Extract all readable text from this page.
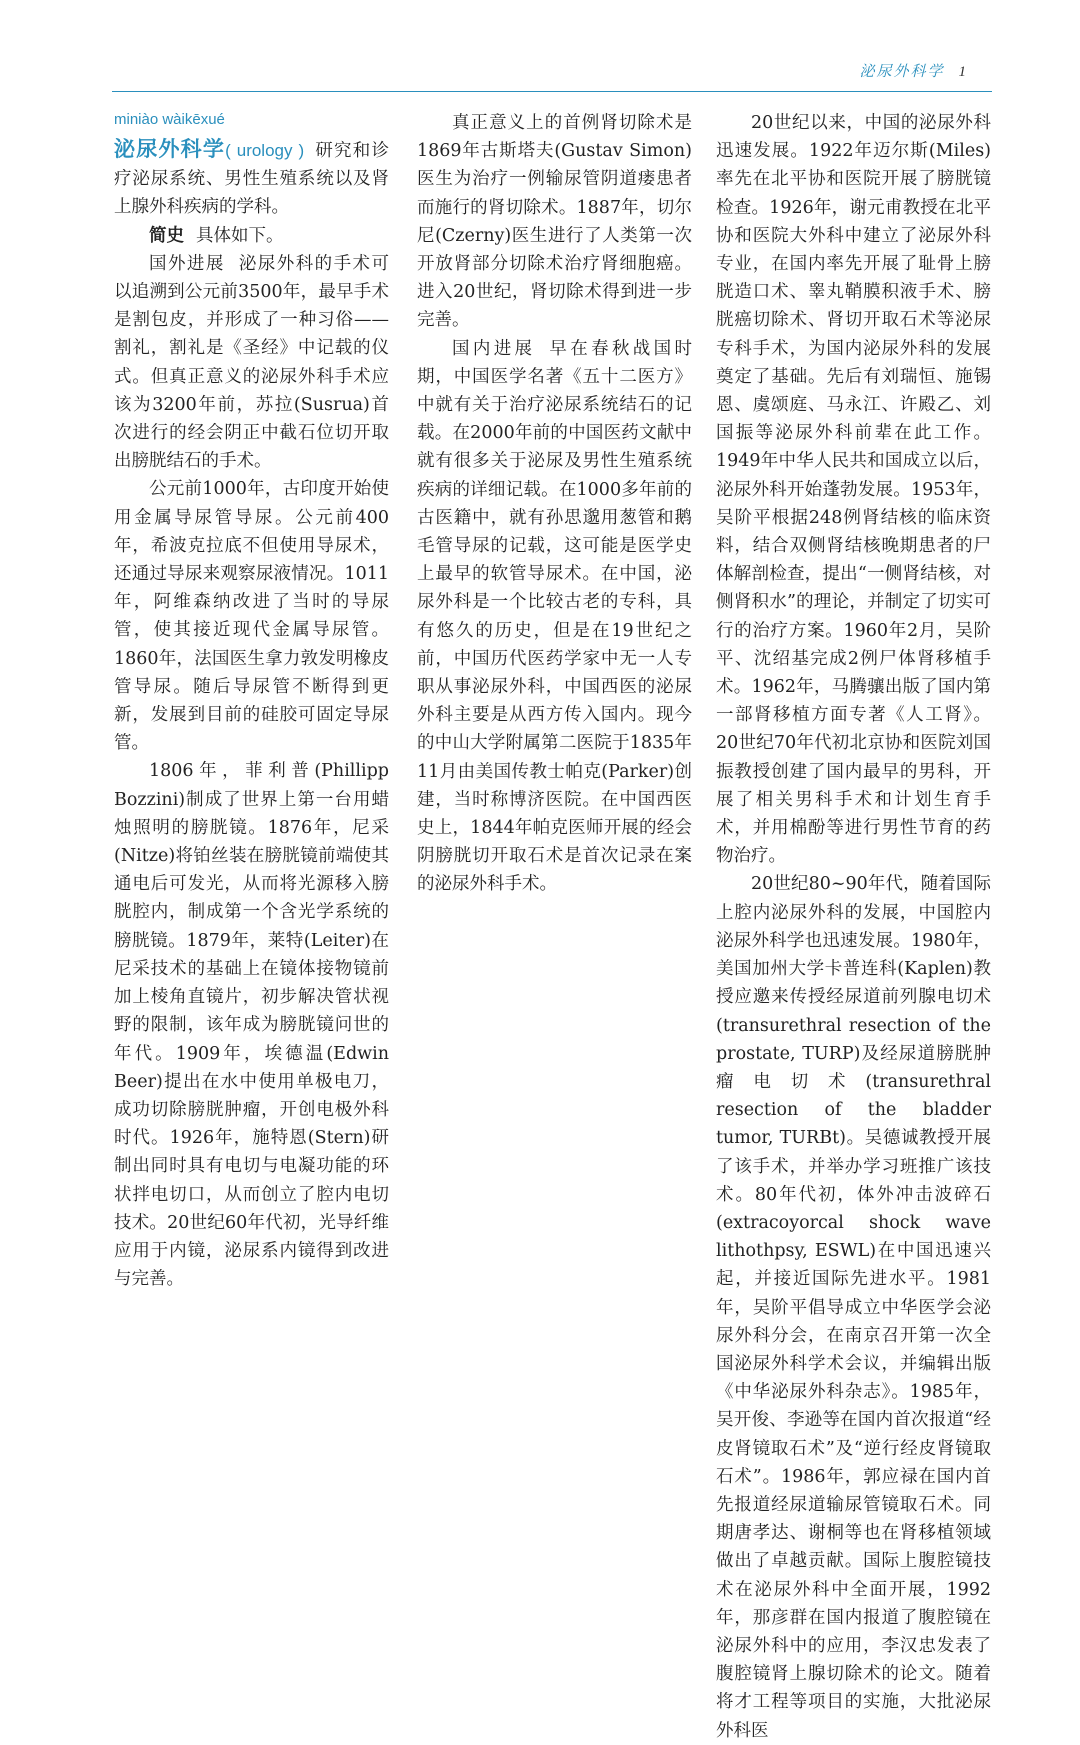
泌尿外科学 1

miniào wàikēxué

泌尿外科学( urology ) 研究和诊疗泌尿系统、男性生殖系统以及肾上腺外科疾病的学科。

简史 具体如下。

国外进展 泌尿外科的手术可以追溯到公元前3500年，最早手术是割包皮，并形成了一种习俗——割礼，割礼是《圣经》中记载的仪式。但真正意义的泌尿外科手术应该为3200年前，苏拉(Susrua)首次进行的经会阴正中截石位切开取出膀胱结石的手术。

公元前1000年，古印度开始使用金属导尿管导尿。公元前400年，希波克拉底不但使用导尿术，还通过导尿来观察尿液情况。1011年，阿维森纳改进了当时的导尿管，使其接近现代金属导尿管。1860年，法国医生拿力敦发明橡皮管导尿。随后导尿管不断得到更新，发展到目前的硅胶可固定导尿管。

1806年，菲利普(Phillipp Bozzini)制成了世界上第一台用蜡烛照明的膀胱镜。1876年，尼采(Nitze)将铂丝装在膀胱镜前端使其通电后可发光，从而将光源移入膀胱腔内，制成第一个含光学系统的膀胱镜。1879年，莱特(Leiter)在尼采技术的基础上在镜体接物镜前加上棱角直镜片，初步解决管状视野的限制，该年成为膀胱镜问世的年代。1909年，埃德温(Edwin Beer)提出在水中使用单极电刀，成功切除膀胱肿瘤，开创电极外科时代。1926年，施特恩(Stern)研制出同时具有电切与电凝功能的环状拌电切口，从而创立了腔内电切技术。20世纪60年代初，光导纤维应用于内镜，泌尿系内镜得到改进与完善。

真正意义上的首例肾切除术是1869年古斯塔夫(Gustav Simon)医生为治疗一例输尿管阴道瘘患者而施行的肾切除术。1887年，切尔尼(Czerny)医生进行了人类第一次开放肾部分切除术治疗肾细胞癌。进入20世纪，肾切除术得到进一步完善。

国内进展 早在春秋战国时期，中国医学名著《五十二医方》中就有关于治疗泌尿系统结石的记载。在2000年前的中国医药文献中就有很多关于泌尿及男性生殖系统疾病的详细记载。在1000多年前的古医籍中，就有孙思邈用葱管和鹅毛管导尿的记载，这可能是医学史上最早的软管导尿术。在中国，泌尿外科是一个比较古老的专科，具有悠久的历史，但是在19世纪之前，中国历代医药学家中无一人专职从事泌尿外科，中国西医的泌尿外科主要是从西方传入国内。现今的中山大学附属第二医院于1835年11月由美国传教士帕克(Parker)创建，当时称博济医院。在中国西医史上，1844年帕克医师开展的经会阴膀胱切开取石术是首次记录在案的泌尿外科手术。

20世纪以来，中国的泌尿外科迅速发展。1922年迈尔斯(Miles)率先在北平协和医院开展了膀胱镜检查。1926年，谢元甫教授在北平协和医院大外科中建立了泌尿外科专业，在国内率先开展了耻骨上膀胱造口术、睾丸鞘膜积液手术、膀胱癌切除术、肾切开取石术等泌尿专科手术，为国内泌尿外科的发展奠定了基础。先后有刘瑞恒、施锡恩、虞颂庭、马永江、许殿乙、刘国振等泌尿外科前辈在此工作。1949年中华人民共和国成立以后，泌尿外科开始蓬勃发展。1953年，吴阶平根据248例肾结核的临床资料，结合双侧肾结核晚期患者的尸体解剖检查，提出“一侧肾结核，对侧肾积水”的理论，并制定了切实可行的治疗方案。1960年2月，吴阶平、沈绍基完成2例尸体肾移植手术。1962年，马腾骧出版了国内第一部肾移植方面专著《人工肾》。20世纪70年代初北京协和医院刘国振教授创建了国内最早的男科，开展了相关男科手术和计划生育手术，并用棉酚等进行男性节育的药物治疗。

20世纪80~90年代，随着国际上腔内泌尿外科的发展，中国腔内泌尿外科学也迅速发展。1980年，美国加州大学卡普连科(Kaplen)教授应邀来传授经尿道前列腺电切术(transurethral resection of the prostate, TURP)及经尿道膀胱肿瘤电切术(transurethral resection of the bladder tumor, TURBt)。吴德诚教授开展了该手术，并举办学习班推广该技术。80年代初，体外冲击波碎石(extracoyorcal shock wave lithothpsy, ESWL)在中国迅速兴起，并接近国际先进水平。1981年，吴阶平倡导成立中华医学会泌尿外科分会，在南京召开第一次全国泌尿外科学术会议，并编辑出版《中华泌尿外科杂志》。1985年，吴开俊、李逊等在国内首次报道“经皮肾镜取石术”及“逆行经皮肾镜取石术”。1986年，郭应禄在国内首先报道经尿道输尿管镜取石术。同期唐孝达、谢桐等也在肾移植领域做出了卓越贡献。国际上腹腔镜技术在泌尿外科中全面开展，1992年，那彦群在国内报道了腹腔镜在泌尿外科中的应用，李汉忠发表了腹腔镜肾上腺切除术的论文。随着将才工程等项目的实施，大批泌尿外科医
